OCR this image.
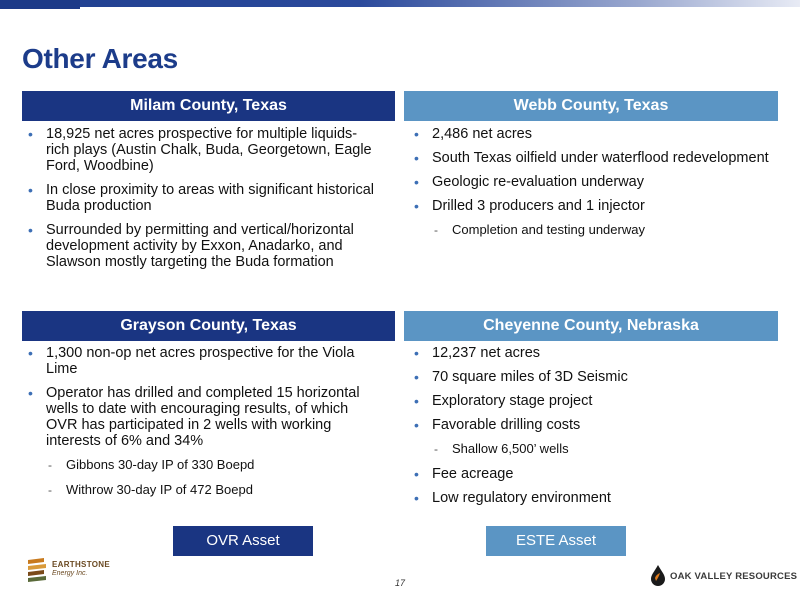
Other Areas
Milam County, Texas
• 18,925 net acres prospective for multiple liquids-rich plays (Austin Chalk, Buda, Georgetown, Eagle Ford, Woodbine)
• In close proximity to areas with significant historical Buda production
• Surrounded by permitting and vertical/horizontal development activity by Exxon, Anadarko, and Slawson mostly targeting the Buda formation
Webb County, Texas
• 2,486 net acres
• South Texas oilfield under waterflood redevelopment
• Geologic re-evaluation underway
• Drilled 3 producers and 1 injector
- Completion and testing underway
Grayson County, Texas
• 1,300 non-op net acres prospective for the Viola Lime
• Operator has drilled and completed 15 horizontal wells to date with encouraging results, of which OVR has participated in 2 wells with working interests of 6% and 34%
- Gibbons 30-day IP of 330 Boepd
- Withrow 30-day IP of 472 Boepd
Cheyenne County, Nebraska
• 12,237 net acres
• 70 square miles of 3D Seismic
• Exploratory stage project
• Favorable drilling costs
- Shallow 6,500’ wells
• Fee acreage
• Low regulatory environment
OVR Asset	ESTE Asset
EARTHSTONE
Energy Inc.
17
OAK VALLEY RESOURCES
